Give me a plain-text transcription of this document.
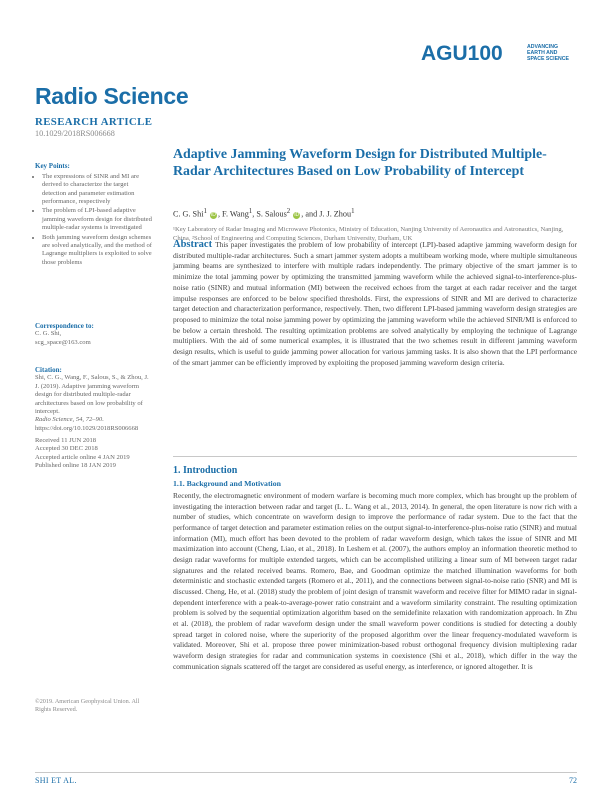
AGU100	ADVANCING
EARTH AND
SPACE SCIENCE
Radio Science
RESEARCH ARTICLE
10.1029/2018RS006668
Key Points:
• The expressions of SINR and MI are derived to characterize the target detection and parameter estimation performance, respectively
• The problem of LPI-based adaptive jamming waveform design for distributed multiple-radar systems is investigated
• Both jamming waveform design schemes are solved analytically, and the method of Lagrange multipliers is exploited to solve those problems
Correspondence to:
C. G. Shi,
scg_space@163.com
Citation:
Shi, C. G., Wang, F., Salous, S., & Zhou, J. J. (2019). Adaptive jamming waveform design for distributed multiple-radar architectures based on low probability of intercept.
Radio Science, 54, 72–90.
https://doi.org/10.1029/2018RS006668
Received 11 JUN 2018
Accepted 30 DEC 2018
Accepted article online 4 JAN 2019
Published online 18 JAN 2019
©2019. American Geophysical Union. All Rights Reserved.
Adaptive Jamming Waveform Design for Distributed Multiple-Radar Architectures Based on Low Probability of Intercept
C. G. Shi$^1$ iD , F. Wang$^1$, S. Salous$^2$ iD , and J. J. Zhou$^1$
¹Key Laboratory of Radar Imaging and Microwave Photonics, Ministry of Education, Nanjing University of Aeronautics and Astronautics, Nanjing, China, ²School of Engineering and Computing Sciences, Durham University, Durham, UK
Abstract This paper investigates the problem of low probability of intercept (LPI)-based adaptive jamming waveform design for distributed multiple-radar architectures. Such a smart jammer system adopts a multibeam working mode, where multiple simultaneous jamming beams are synthesized to interfere with multiple radars independently. The primary objective of the smart jammer is to minimize the total jamming power by optimizing the transmitted jamming waveform while the achieved signal-to-interference-plus-noise ratio (SINR) and mutual information (MI) between the received echoes from the target at each radar receiver and the target impulse responses are enforced to be below specified thresholds. First, the expressions of SINR and MI are derived to characterize target detection and characterization performance, respectively. Then, two different LPI-based jamming waveform design strategies are proposed to minimize the total noise jamming power by optimizing the jamming waveform while the achieved SINR/MI is enforced to be below a certain threshold. The resulting optimization problems are solved analytically by employing the technique of Lagrange multipliers. With the aid of some numerical examples, it is illustrated that the two schemes result in different jamming waveform design results, which is useful to guide jamming power allocation for various jamming tasks. It is also shown that the LPI performance of the smart jammer can be efficiently improved by exploiting the proposed jamming waveform design criteria.
1. Introduction
1.1. Background and Motivation
Recently, the electromagnetic environment of modern warfare is becoming much more complex, which has brought up the problem of investigating the interaction between radar and target (L. L. Wang et al., 2013, 2014). In general, the open literature is now rich with a number of studies, which concentrate on waveform design to improve the performance of radar system. Due to the fact that the performance of target detection and parameter estimation relies on the output signal-to-interference-plus-noise ratio (SINR) and mutual information (MI), much effort has been devoted to the problem of radar waveform design, which takes the issue of SINR and MI maximization into account (Cheng, Liao, et al., 2018). In Leshem et al. (2007), the authors employ an information theoretic method to design radar waveforms for multiple extended targets, which can be accomplished utilizing a linear sum of MI between target radar signatures and the related received beams. Romero, Bae, and Goodman optimize the matched illumination waveforms for both deterministic and stochastic extended targets (Romero et al., 2011), and the connections between signal-to-noise ratio (SNR) and MI is discussed. Cheng, He, et al. (2018) study the problem of joint design of transmit waveform and receive filter for MIMO radar in signal-dependent interference with a peak-to-average-power ratio constraint and a waveform similarity constraint. The resulting optimization problem is solved by the sequential optimization algorithm based on the semidefinite relaxation with randomization approach. In Zhu et al. (2018), the problem of radar waveform design under the small waveform power conditions is studied for detecting a doubly spread target in colored noise, where the superiority of the proposed algorithm over the linear frequency-modulated waveform is validated. Moreover, Shi et al. propose three power minimization-based robust orthogonal frequency division multiplexing radar waveform design strategies for radar and communication systems in coexistence (Shi et al., 2018), which differ in the way the communication signals scattered off the target are considered as useful energy, as interference, or ignored altogether. It is
SHI ET AL.	72
